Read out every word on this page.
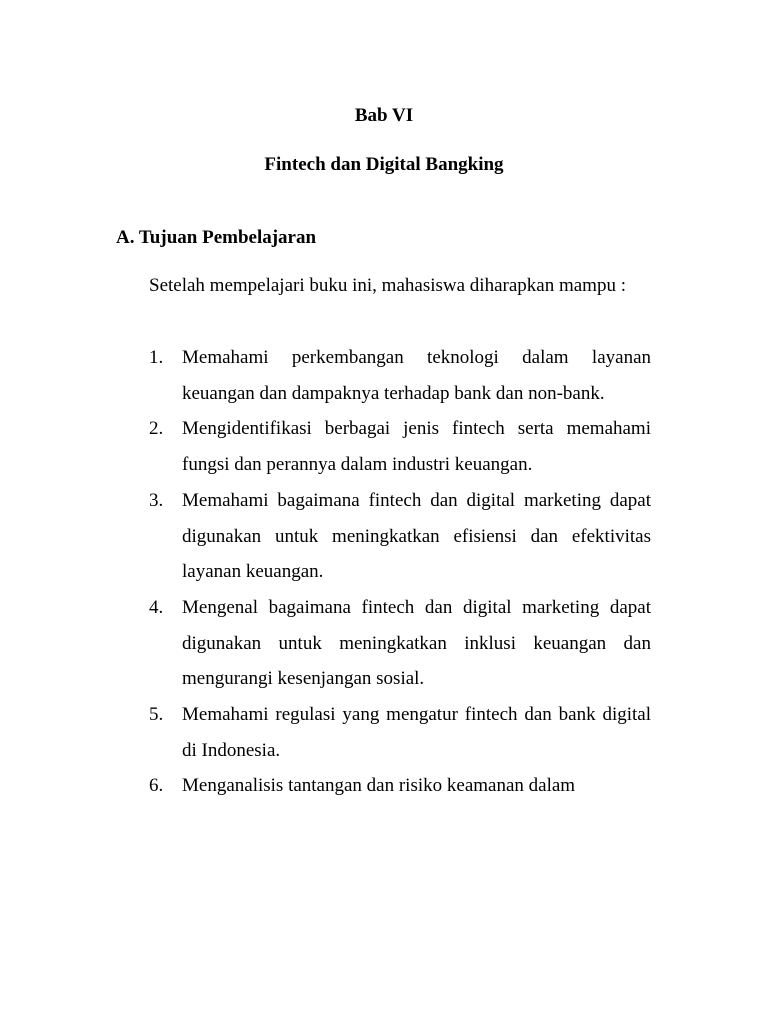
Bab VI
Fintech dan Digital Bangking
A. Tujuan Pembelajaran

Setelah mempelajari buku ini, mahasiswa diharapkan mampu :

1. Memahami perkembangan teknologi dalam layanan keuangan dan dampaknya terhadap bank dan non-bank.
2. Mengidentifikasi berbagai jenis fintech serta memahami fungsi dan perannya dalam industri keuangan.
3. Memahami bagaimana fintech dan digital marketing dapat digunakan untuk meningkatkan efisiensi dan efektivitas layanan keuangan.
4. Mengenal bagaimana fintech dan digital marketing dapat digunakan untuk meningkatkan inklusi keuangan dan mengurangi kesenjangan sosial.
5. Memahami regulasi yang mengatur fintech dan bank digital di Indonesia.
6. Menganalisis tantangan dan risiko keamanan dalam
